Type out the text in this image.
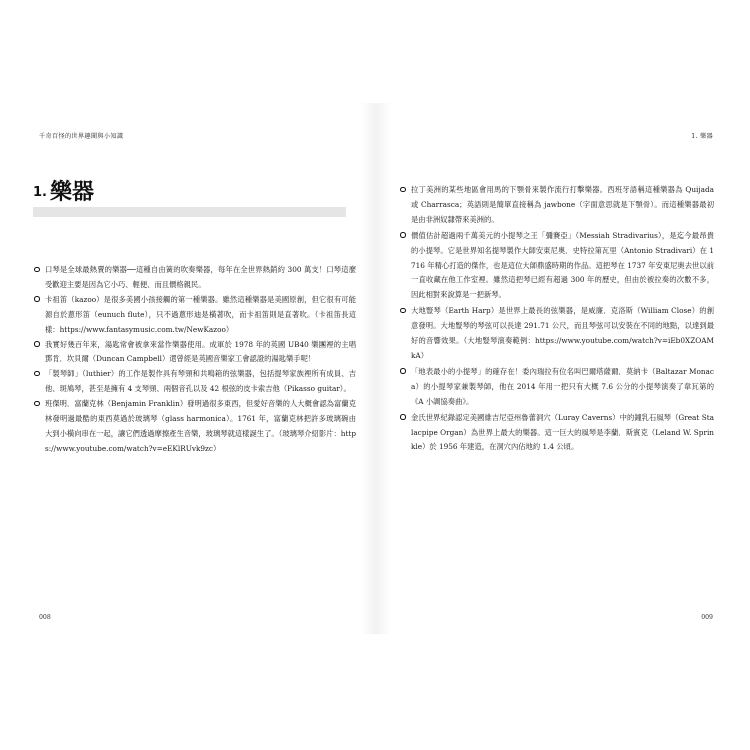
千奇百怪的世界趣聞與小知識
1. 樂器
口琴是全球最熱賣的樂器──這種自由簧的吹奏樂器，每年在全世界熱銷約 300 萬支！口琴這麼受歡迎主要是因為它小巧、輕便、而且價格親民。
卡祖笛（kazoo）是很多美國小孩接觸的第一種樂器。雖然這種樂器是美國原創，但它很有可能源自於蔥形笛（eunuch flute），只不過蔥形迪是橫著吹，而卡祖笛則是直著吹。（卡祖笛長這樣：https://www.fantasymusic.com.tw/NewKazoo）
我實好幾百年來，湯匙常會被拿來當作樂器使用。成軍於 1978 年的英國 UB40 樂團裡的主唱鄧肯．坎貝爾（Duncan Campbell）還曾經是英國音樂家工會認證的湯匙樂手呢！
「製琴師」（luthier）的工作是製作具有琴頸和共鳴箱的弦樂器，包括提琴家族裡所有成員、吉他、斑鳩琴，甚至是擁有 4 支琴頸、兩個音孔以及 42 根弦的皮卡索吉他（Pikasso guitar）。
班傑明．富蘭克林（Benjamin Franklin）發明過很多東西，但愛好音樂的人大概會認為富蘭克林發明過最酷的東西莫過於玻璃琴（glass harmonica）。1761 年，富蘭克林把許多玻璃碗由大到小橫向串在一起，讓它們透過摩擦產生音樂，玻璃琴就這樣誕生了。（玻璃琴介紹影片：https://www.youtube.com/watch?v=eEKlRUvk9zc）
008
1. 樂器
拉丁美洲的某些地區會用馬的下顎骨來製作流行打擊樂器。西班牙語稱這種樂器為 Quijada 或 Charrasca；英語則是簡單直接稱為 jawbone（字面意思就是下顎骨）。而這種樂器最初是由非洲奴隸帶來美洲的。
價值估計超過兩千萬美元的小提琴之王「彌賽亞」（Messiah Stradivarius），是迄今最昂貴的小提琴。它是世界知名提琴製作大師安東尼奧．史特拉第瓦里（Antonio Stradivari）在 1716 年精心打造的傑作，也是這位大師鼎盛時期的作品。這把琴在 1737 年安東尼奧去世以前一直收藏在他工作室裡。雖然這把琴已經有超過 300 年的歷史，但由於被拉奏的次數不多，因此相對來說算是一把新琴。
大地豎琴（Earth Harp）是世界上最長的弦樂器，是威廉．克洛斯（William Close）的創意發明。大地豎琴的琴弦可以長達 291.71 公尺，而且琴弦可以安裝在不同的地點，以達到最好的音響效果。（大地豎琴演奏範例：https://www.youtube.com/watch?v=iEb0XZOAMkA）
「地表最小的小提琴」的確存在！委內瑞拉有位名叫巴爾塔薩爾．莫納卡（Baltazar Monaca）的小提琴家兼製琴師，他在 2014 年用一把只有大概 7.6 公分的小提琴演奏了韋瓦第的《A 小調協奏曲》。
金氏世界紀錄認定美國維吉尼亞州魯蕾洞穴（Luray Caverns）中的鐘乳石風琴（Great Stalacpipe Organ）為世界上最大的樂器。這一巨大的風琴是李蘭．斯賓克（Leland W. Sprinkle）於 1956 年建造，在洞穴內佔地約 1.4 公頃。
009
